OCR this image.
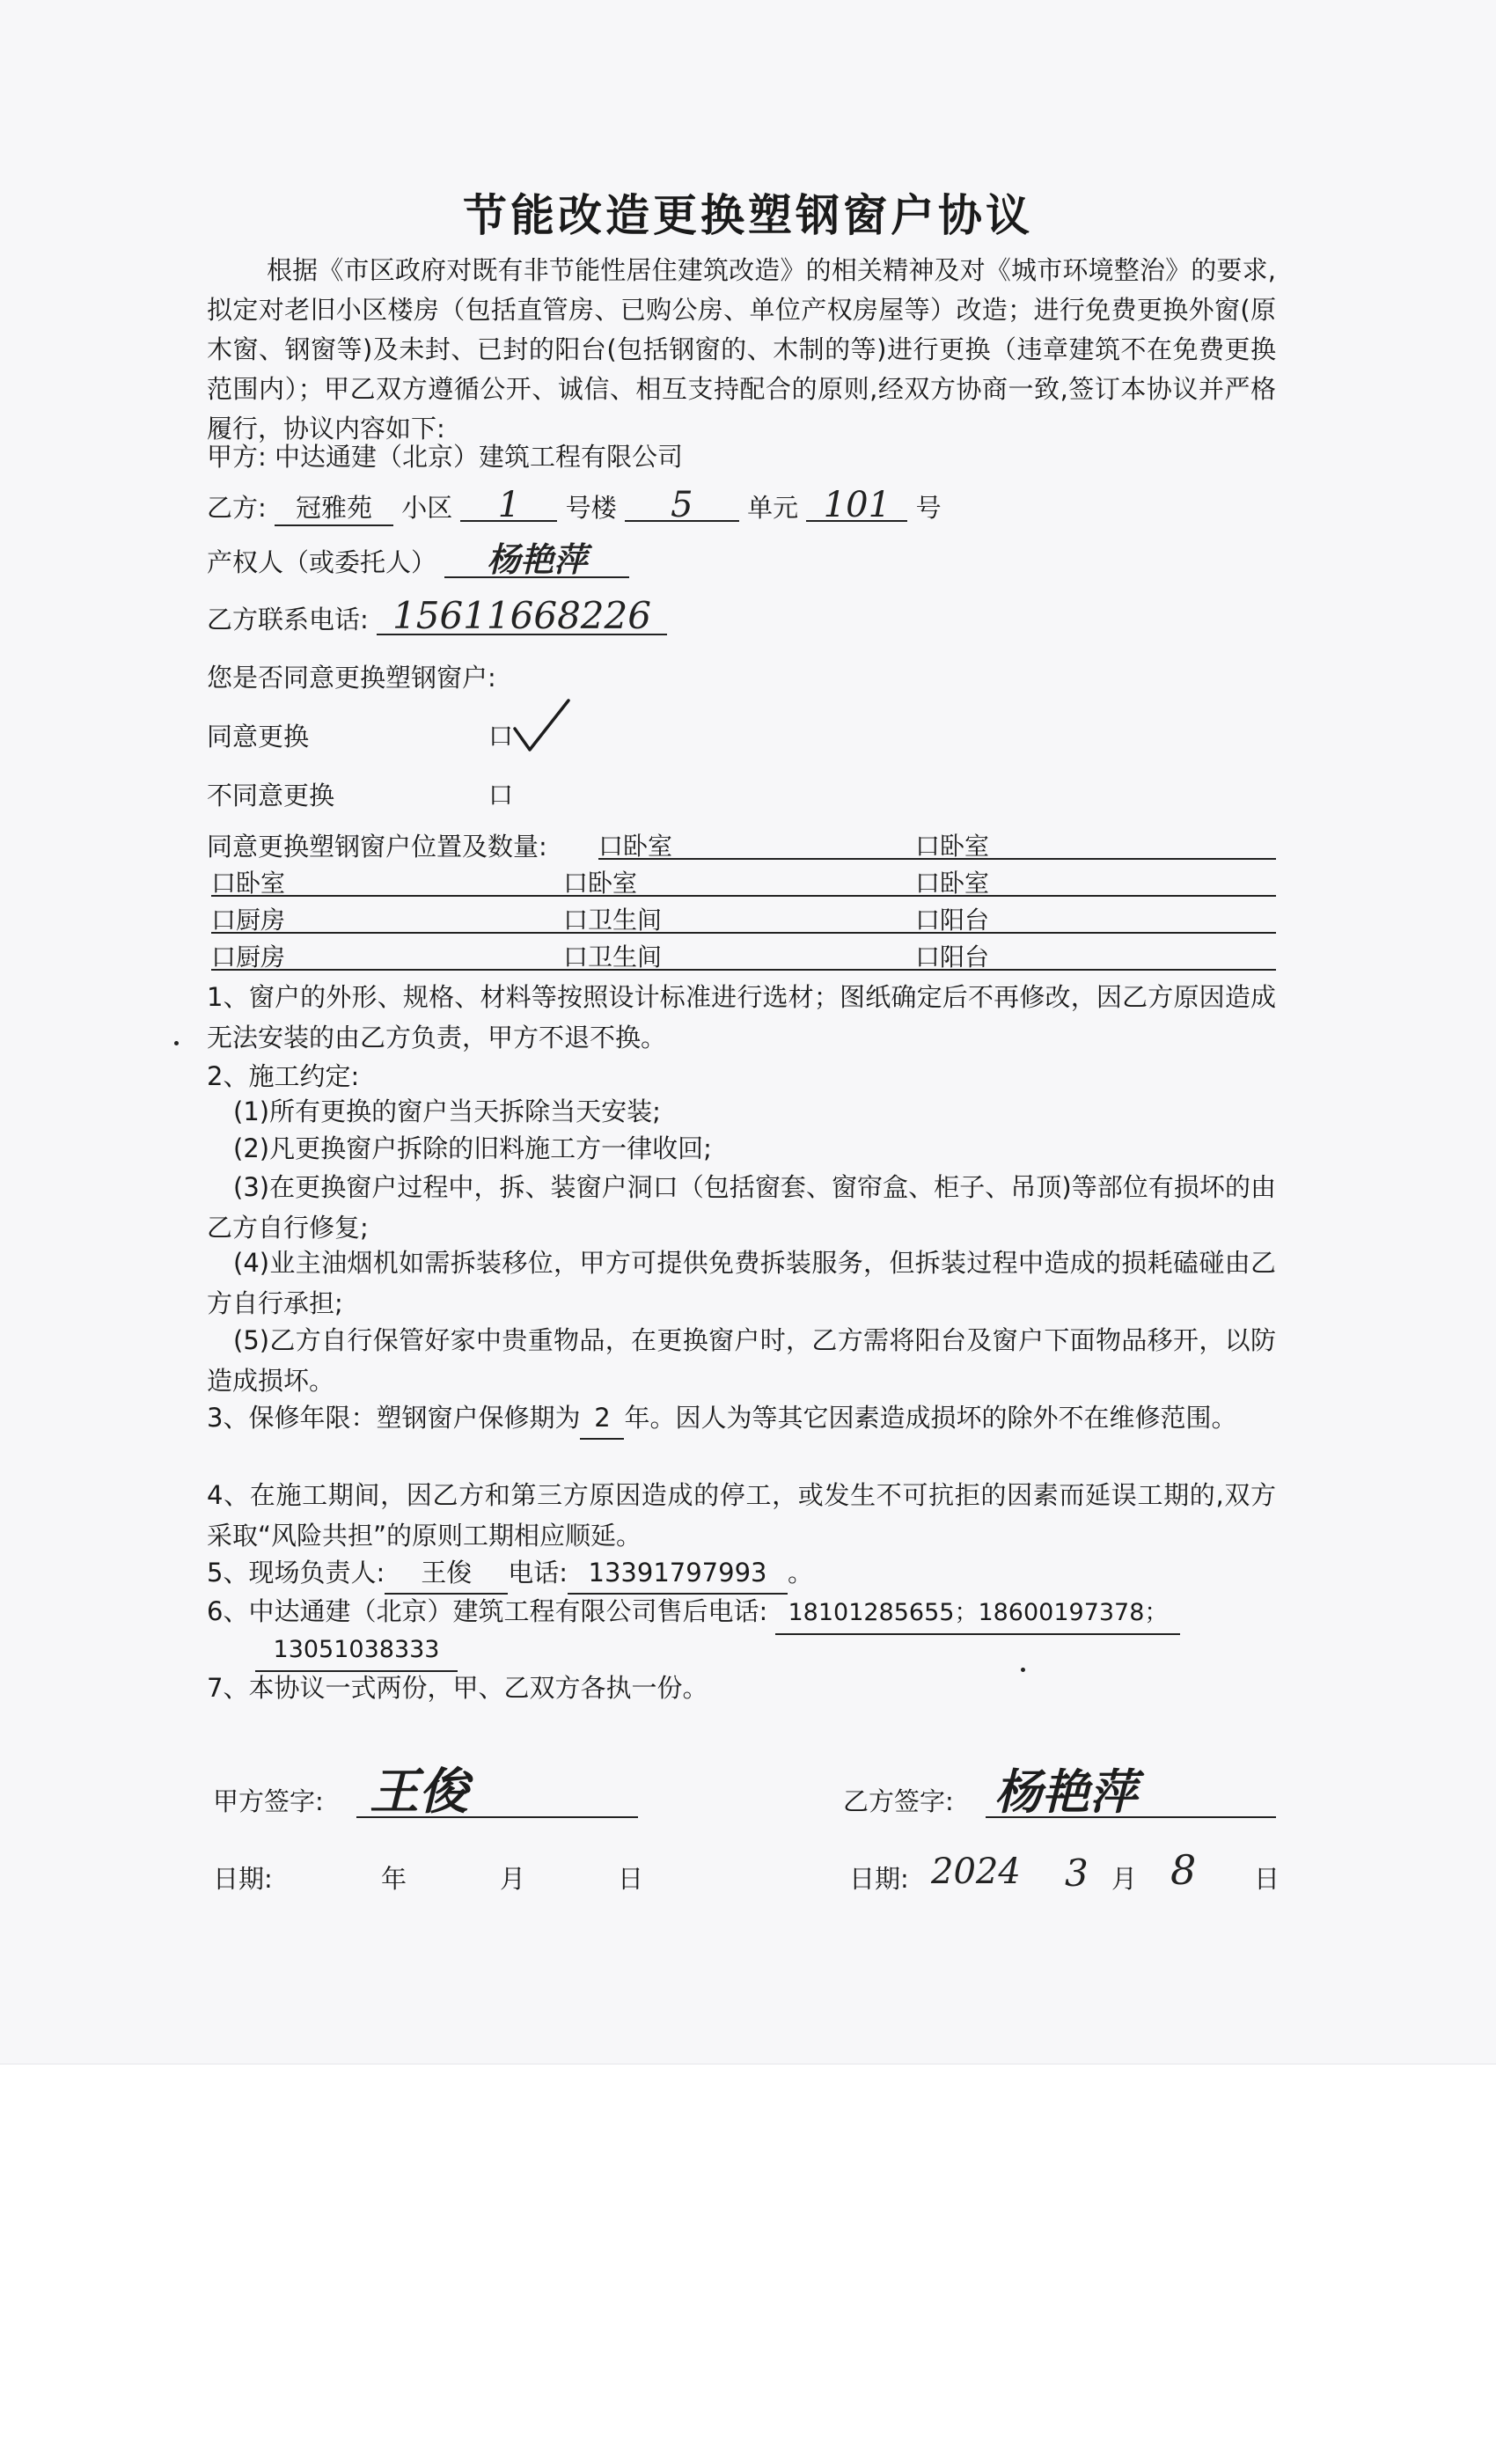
节能改造更换塑钢窗户协议
根据《市区政府对既有非节能性居住建筑改造》的相关精神及对《城市环境整治》的要求,拟定对老旧小区楼房（包括直管房、已购公房、单位产权房屋等）改造；进行免费更换外窗(原木窗、钢窗等)及未封、已封的阳台(包括钢窗的、木制的等)进行更换（违章建筑不在免费更换范围内）；甲乙双方遵循公开、诚信、相互支持配合的原则,经双方协商一致,签订本协议并严格履行，协议内容如下:
甲方: 中达通建（北京）建筑工程有限公司
乙方: 冠雅苑 小区 1 号楼 5 单元 101 号
产权人（或委托人） 杨艳萍
乙方联系电话: 15611668226
您是否同意更换塑钢窗户:
同意更换	口
不同意更换	口
同意更换塑钢窗户位置及数量: 口卧室	口卧室
口卧室	口卧室	口卧室
口厨房	口卫生间	口阳台
口厨房	口卫生间	口阳台
1、窗户的外形、规格、材料等按照设计标准进行选材；图纸确定后不再修改，因乙方原因造成无法安装的由乙方负责，甲方不退不换。
2、施工约定:
(1)所有更换的窗户当天拆除当天安装;
(2)凡更换窗户拆除的旧料施工方一律收回;
(3)在更换窗户过程中，拆、装窗户洞口（包括窗套、窗帘盒、柜子、吊顶)等部位有损坏的由乙方自行修复;
(4)业主油烟机如需拆装移位，甲方可提供免费拆装服务，但拆装过程中造成的损耗磕碰由乙方自行承担;
(5)乙方自行保管好家中贵重物品，在更换窗户时，乙方需将阳台及窗户下面物品移开，以防造成损坏。
3、保修年限：塑钢窗户保修期为 2 年。因人为等其它因素造成损坏的除外不在维修范围。
4、在施工期间，因乙方和第三方原因造成的停工，或发生不可抗拒的因素而延误工期的,双方采取“风险共担”的原则工期相应顺延。
5、现场负责人: 王俊 电话: 13391797993 。
6、中达通建（北京）建筑工程有限公司售后电话: 18101285655；18600197378；
13051038333
7、本协议一式两份，甲、乙双方各执一份。
甲方签字: 王俊	乙方签字: 杨艳萍
日期:	年	月	日	日期: 2024 3 月 8 日
